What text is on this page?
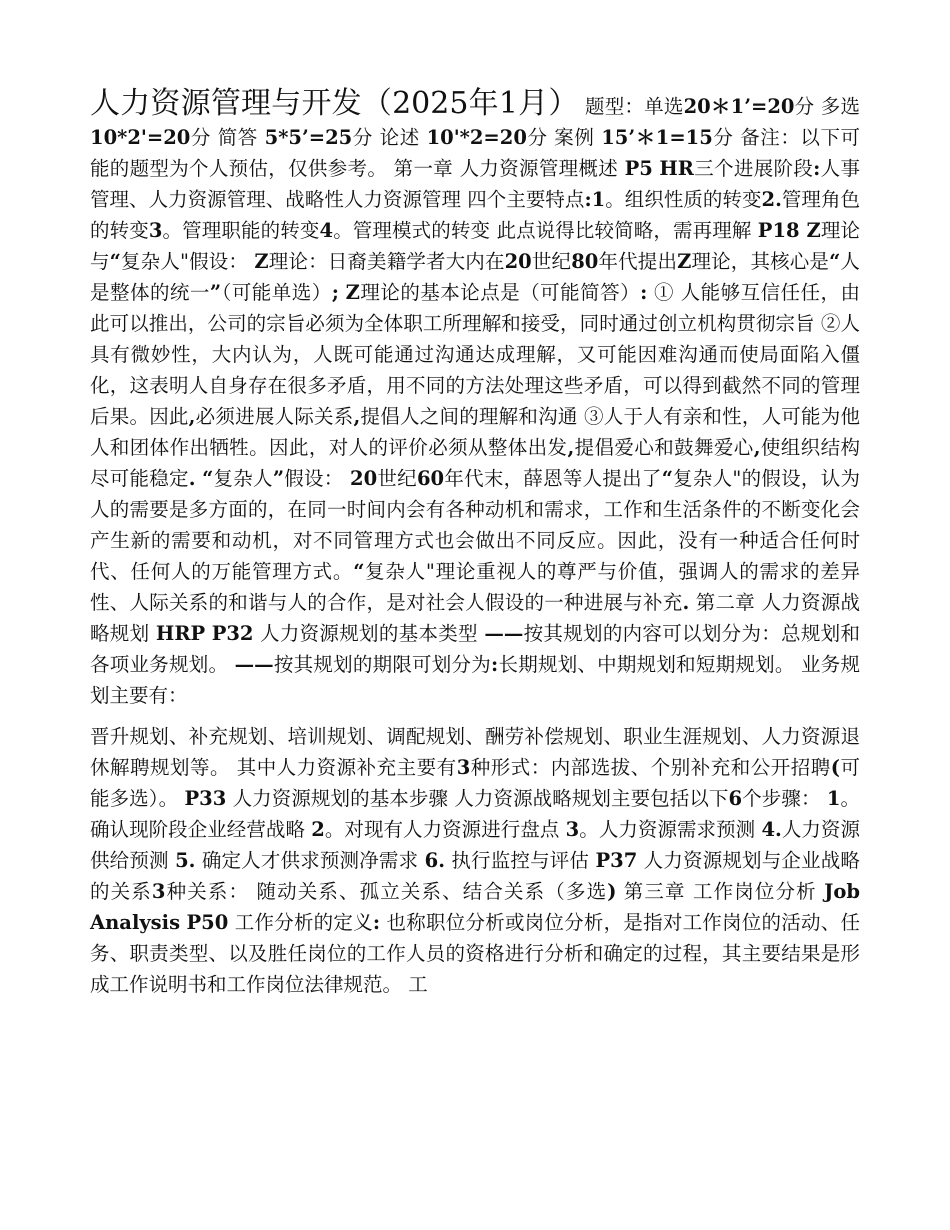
人力资源管理与开发（2025年1月） 题型：单选20＊1’=20分 多选 10*2'=20分 简答 5*5’=25分 论述 10'*2=20分 案例 15’＊1=15分 备注：以下可能的题型为个人预估，仅供参考。 第一章 人力资源管理概述 P5 HR三个进展阶段:人事管理、人力资源管理、战略性人力资源管理 四个主要特点:1。组织性质的转变2.管理角色的转变3。管理职能的转变4。管理模式的转变 此点说得比较简略，需再理解 P18 Z理论与“复杂人"假设： Z理论：日裔美籍学者大内在20世纪80年代提出Z理论，其核心是“人是整体的统一”（可能单选）; Z理论的基本论点是（可能简答）: ① 人能够互信任任，由此可以推出，公司的宗旨必须为全体职工所理解和接受，同时通过创立机构贯彻宗旨 ②人具有微妙性，大内认为，人既可能通过沟通达成理解，又可能因难沟通而使局面陷入僵化，这表明人自身存在很多矛盾，用不同的方法处理这些矛盾，可以得到截然不同的管理后果。因此,必须进展人际关系,提倡人之间的理解和沟通 ③人于人有亲和性，人可能为他人和团体作出牺牲。因此，对人的评价必须从整体出发,提倡爱心和鼓舞爱心,使组织结构尽可能稳定. “复杂人”假设： 20世纪60年代末，薛恩等人提出了“复杂人"的假设，认为人的需要是多方面的，在同一时间内会有各种动机和需求，工作和生活条件的不断变化会产生新的需要和动机，对不同管理方式也会做出不同反应。因此，没有一种适合任何时代、任何人的万能管理方式。“复杂人"理论重视人的尊严与价值，强调人的需求的差异性、人际关系的和谐与人的合作，是对社会人假设的一种进展与补充. 第二章 人力资源战略规划 HRP P32 人力资源规划的基本类型 ——按其规划的内容可以划分为：总规划和各项业务规划。 ——按其规划的期限可划分为:长期规划、中期规划和短期规划。 业务规划主要有：

晋升规划、补充规划、培训规划、调配规划、酬劳补偿规划、职业生涯规划、人力资源退休解聘规划等。 其中人力资源补充主要有3种形式：内部选拔、个别补充和公开招聘(可能多选）。 P33 人力资源规划的基本步骤 人力资源战略规划主要包括以下6个步骤： 1。确认现阶段企业经营战略 2。对现有人力资源进行盘点 3。人力资源需求预测 4.人力资源供给预测 5. 确定人才供求预测净需求 6. 执行监控与评估 P37 人力资源规划与企业战略的关系3种关系： 随动关系、孤立关系、结合关系（多选) 第三章 工作岗位分析 Job Analysis P50 工作分析的定义: 也称职位分析或岗位分析，是指对工作岗位的活动、任务、职责类型、以及胜任岗位的工作人员的资格进行分析和确定的过程，其主要结果是形成工作说明书和工作岗位法律规范。 工
